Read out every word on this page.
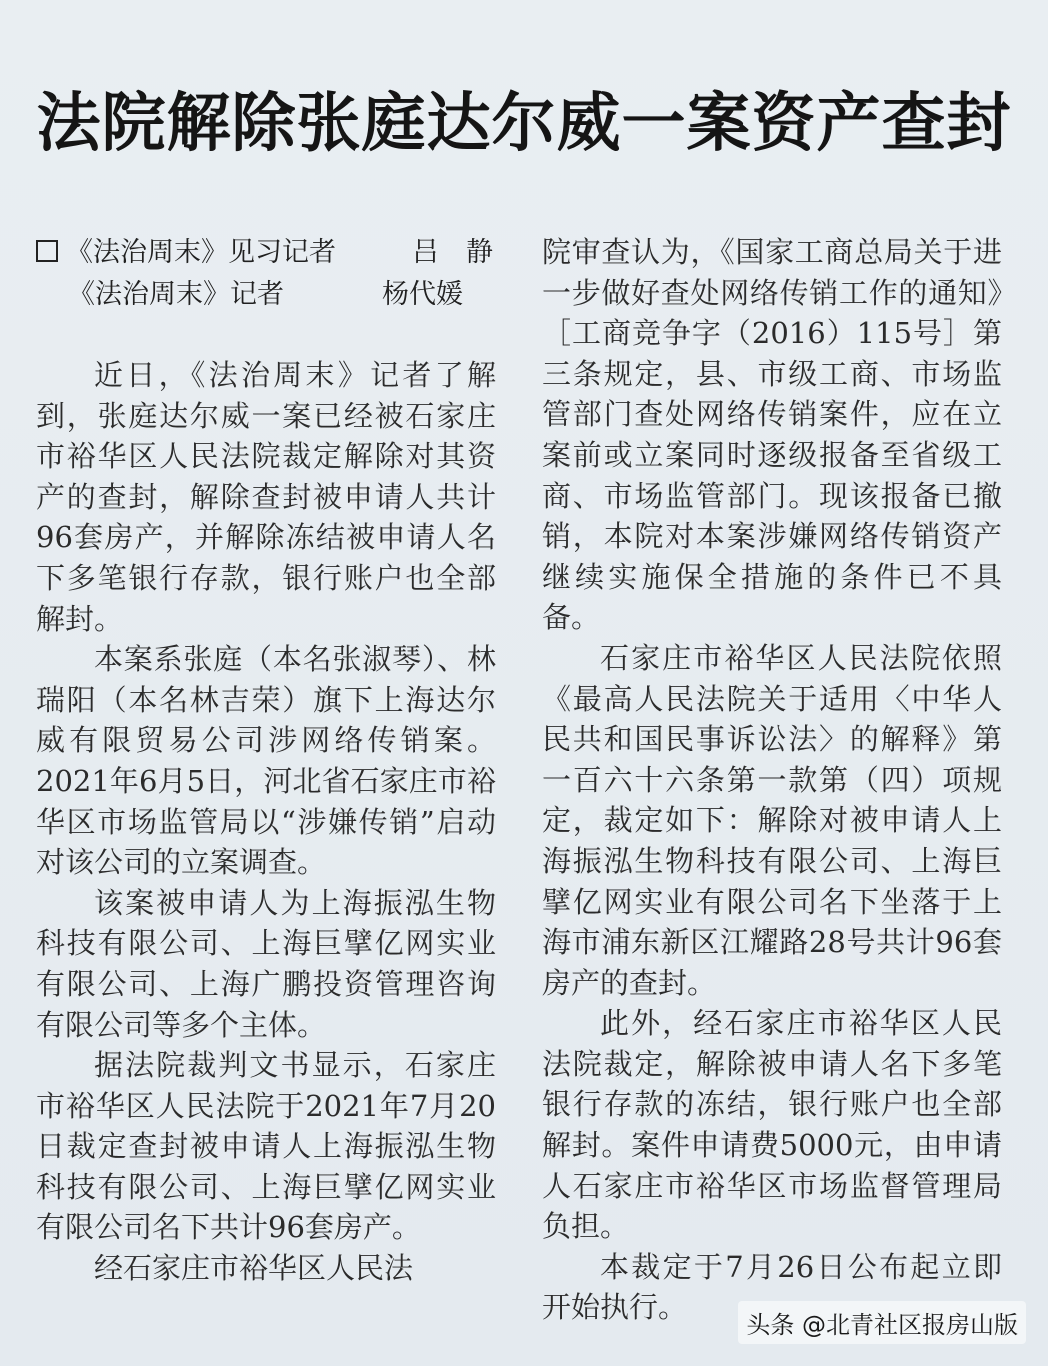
法院解除张庭达尔威一案资产查封
《法治周末》见习记者	吕　静
《法治周末》记者	杨代媛

近日，《法治周末》记者了解到，张庭达尔威一案已经被石家庄市裕华区人民法院裁定解除对其资产的查封，解除查封被申请人共计96套房产，并解除冻结被申请人名下多笔银行存款，银行账户也全部解封。

本案系张庭（本名张淑琴）、林瑞阳（本名林吉荣）旗下上海达尔威有限贸易公司涉网络传销案。2021年6月5日，河北省石家庄市裕华区市场监管局以“涉嫌传销”启动对该公司的立案调查。

该案被申请人为上海振泓生物科技有限公司、上海巨擘亿网实业有限公司、上海广鹏投资管理咨询有限公司等多个主体。

据法院裁判文书显示，石家庄市裕华区人民法院于2021年7月20日裁定查封被申请人上海振泓生物科技有限公司、上海巨擘亿网实业有限公司名下共计96套房产。

经石家庄市裕华区人民法

院审查认为，《国家工商总局关于进一步做好查处网络传销工作的通知》［工商竞争字（2016）115号］第三条规定，县、市级工商、市场监管部门查处网络传销案件，应在立案前或立案同时逐级报备至省级工商、市场监管部门。现该报备已撤销，本院对本案涉嫌网络传销资产继续实施保全措施的条件已不具备。

石家庄市裕华区人民法院依照《最高人民法院关于适用〈中华人民共和国民事诉讼法〉的解释》第一百六十六条第一款第（四）项规定，裁定如下：解除对被申请人上海振泓生物科技有限公司、上海巨擘亿网实业有限公司名下坐落于上海市浦东新区江耀路28号共计96套房产的查封。

此外，经石家庄市裕华区人民法院裁定，解除被申请人名下多笔银行存款的冻结，银行账户也全部解封。案件申请费5000元，由申请人石家庄市裕华区市场监督管理局负担。

本裁定于7月26日公布起立即开始执行。

头条 @北青社区报房山版
